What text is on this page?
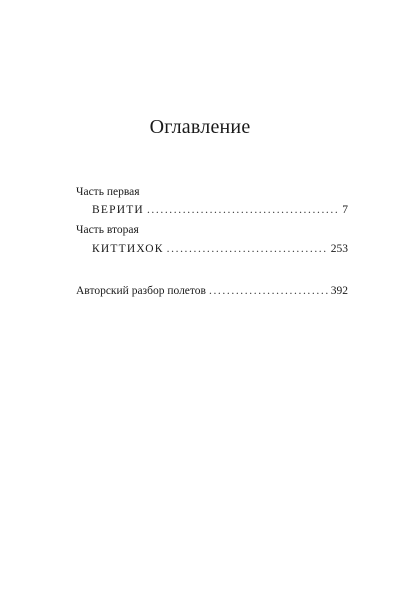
Оглавление
Часть первая
ВЕРИТИ .....	7
Часть вторая
КИТТИХОК .....	253
Авторский разбор полетов .....	392
